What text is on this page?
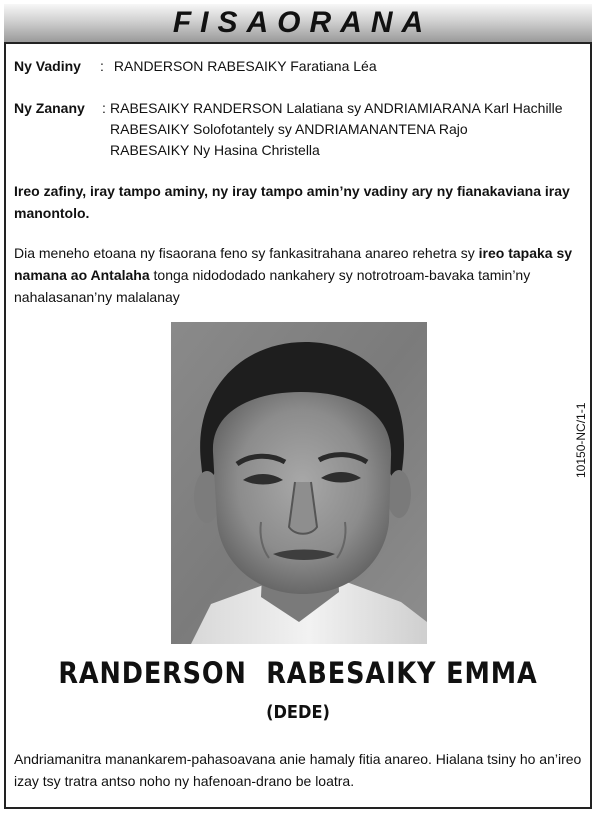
FISAORANA
Ny Vadiny : RANDERSON RABESAIKY Faratiana Léa
Ny Zanany : RABESAIKY RANDERSON Lalatiana sy ANDRIAMIARANA Karl Hachille
RABESAIKY Solofotantely sy ANDRIAMANANTENA Rajo
RABESAIKY Ny Hasina Christella
Ireo zafiny, iray tampo aminy, ny iray tampo amin’ny vadiny ary ny fianakaviana iray manontolo.
Dia meneho etoana ny fisaorana feno sy fankasitrahana anareo rehetra sy ireo tapaka sy namana ao Antalaha tonga nidododado nankahery sy notrotroam-bavaka tamin’ny nahalasanan’ny malalanay
10150-NC/1-1
RANDERSON  RABESAIKY EMMA
(DEDE)
Andriamanitra manankarem-pahasoavana anie hamaly fitia anareo. Hialana tsiny ho an’ireo izay tsy tratra antso noho ny hafenoan-drano be loatra.
